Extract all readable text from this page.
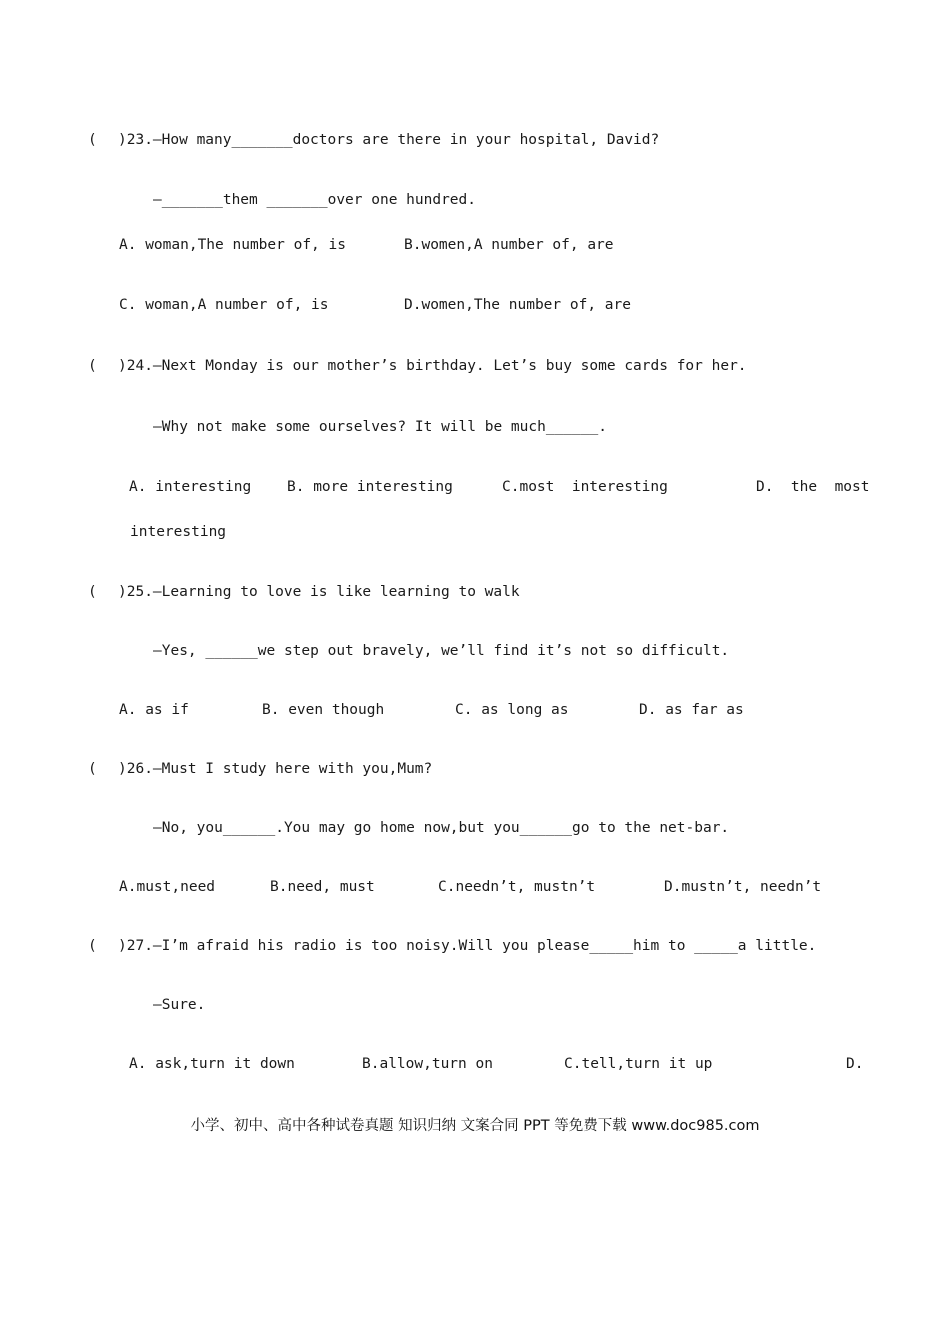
( )23.—How many_______doctors are there in your hospital, David?
—_______them _______over one hundred.
A. woman,The number of, is	B.women,A number of, are
C. woman,A number of, is	D.women,The number of, are
( )24.—Next Monday is our mother’s birthday. Let’s buy some cards for her.
—Why not make some ourselves? It will be much______.
A. interesting B. more interesting	C.most  interesting	D.  the  most
interesting
( )25.—Learning to love is like learning to walk
—Yes, ______we step out bravely, we’ll find it’s not so difficult.
A. as if	B. even though	C. as long as	D. as far as
( )26.—Must I study here with you,Mum?
—No, you______.You may go home now,but you______go to the net-bar.
A.must,need	B.need, must	C.needn’t, mustn’t	D.mustn’t, needn’t
( )27.—I’m afraid his radio is too noisy.Will you please_____him to _____a little.
—Sure.
A. ask,turn it down	B.allow,turn on	C.tell,turn it up	D.
小学、初中、高中各种试卷真题 知识归纳 文案合同 PPT 等免费下载 www.doc985.com
